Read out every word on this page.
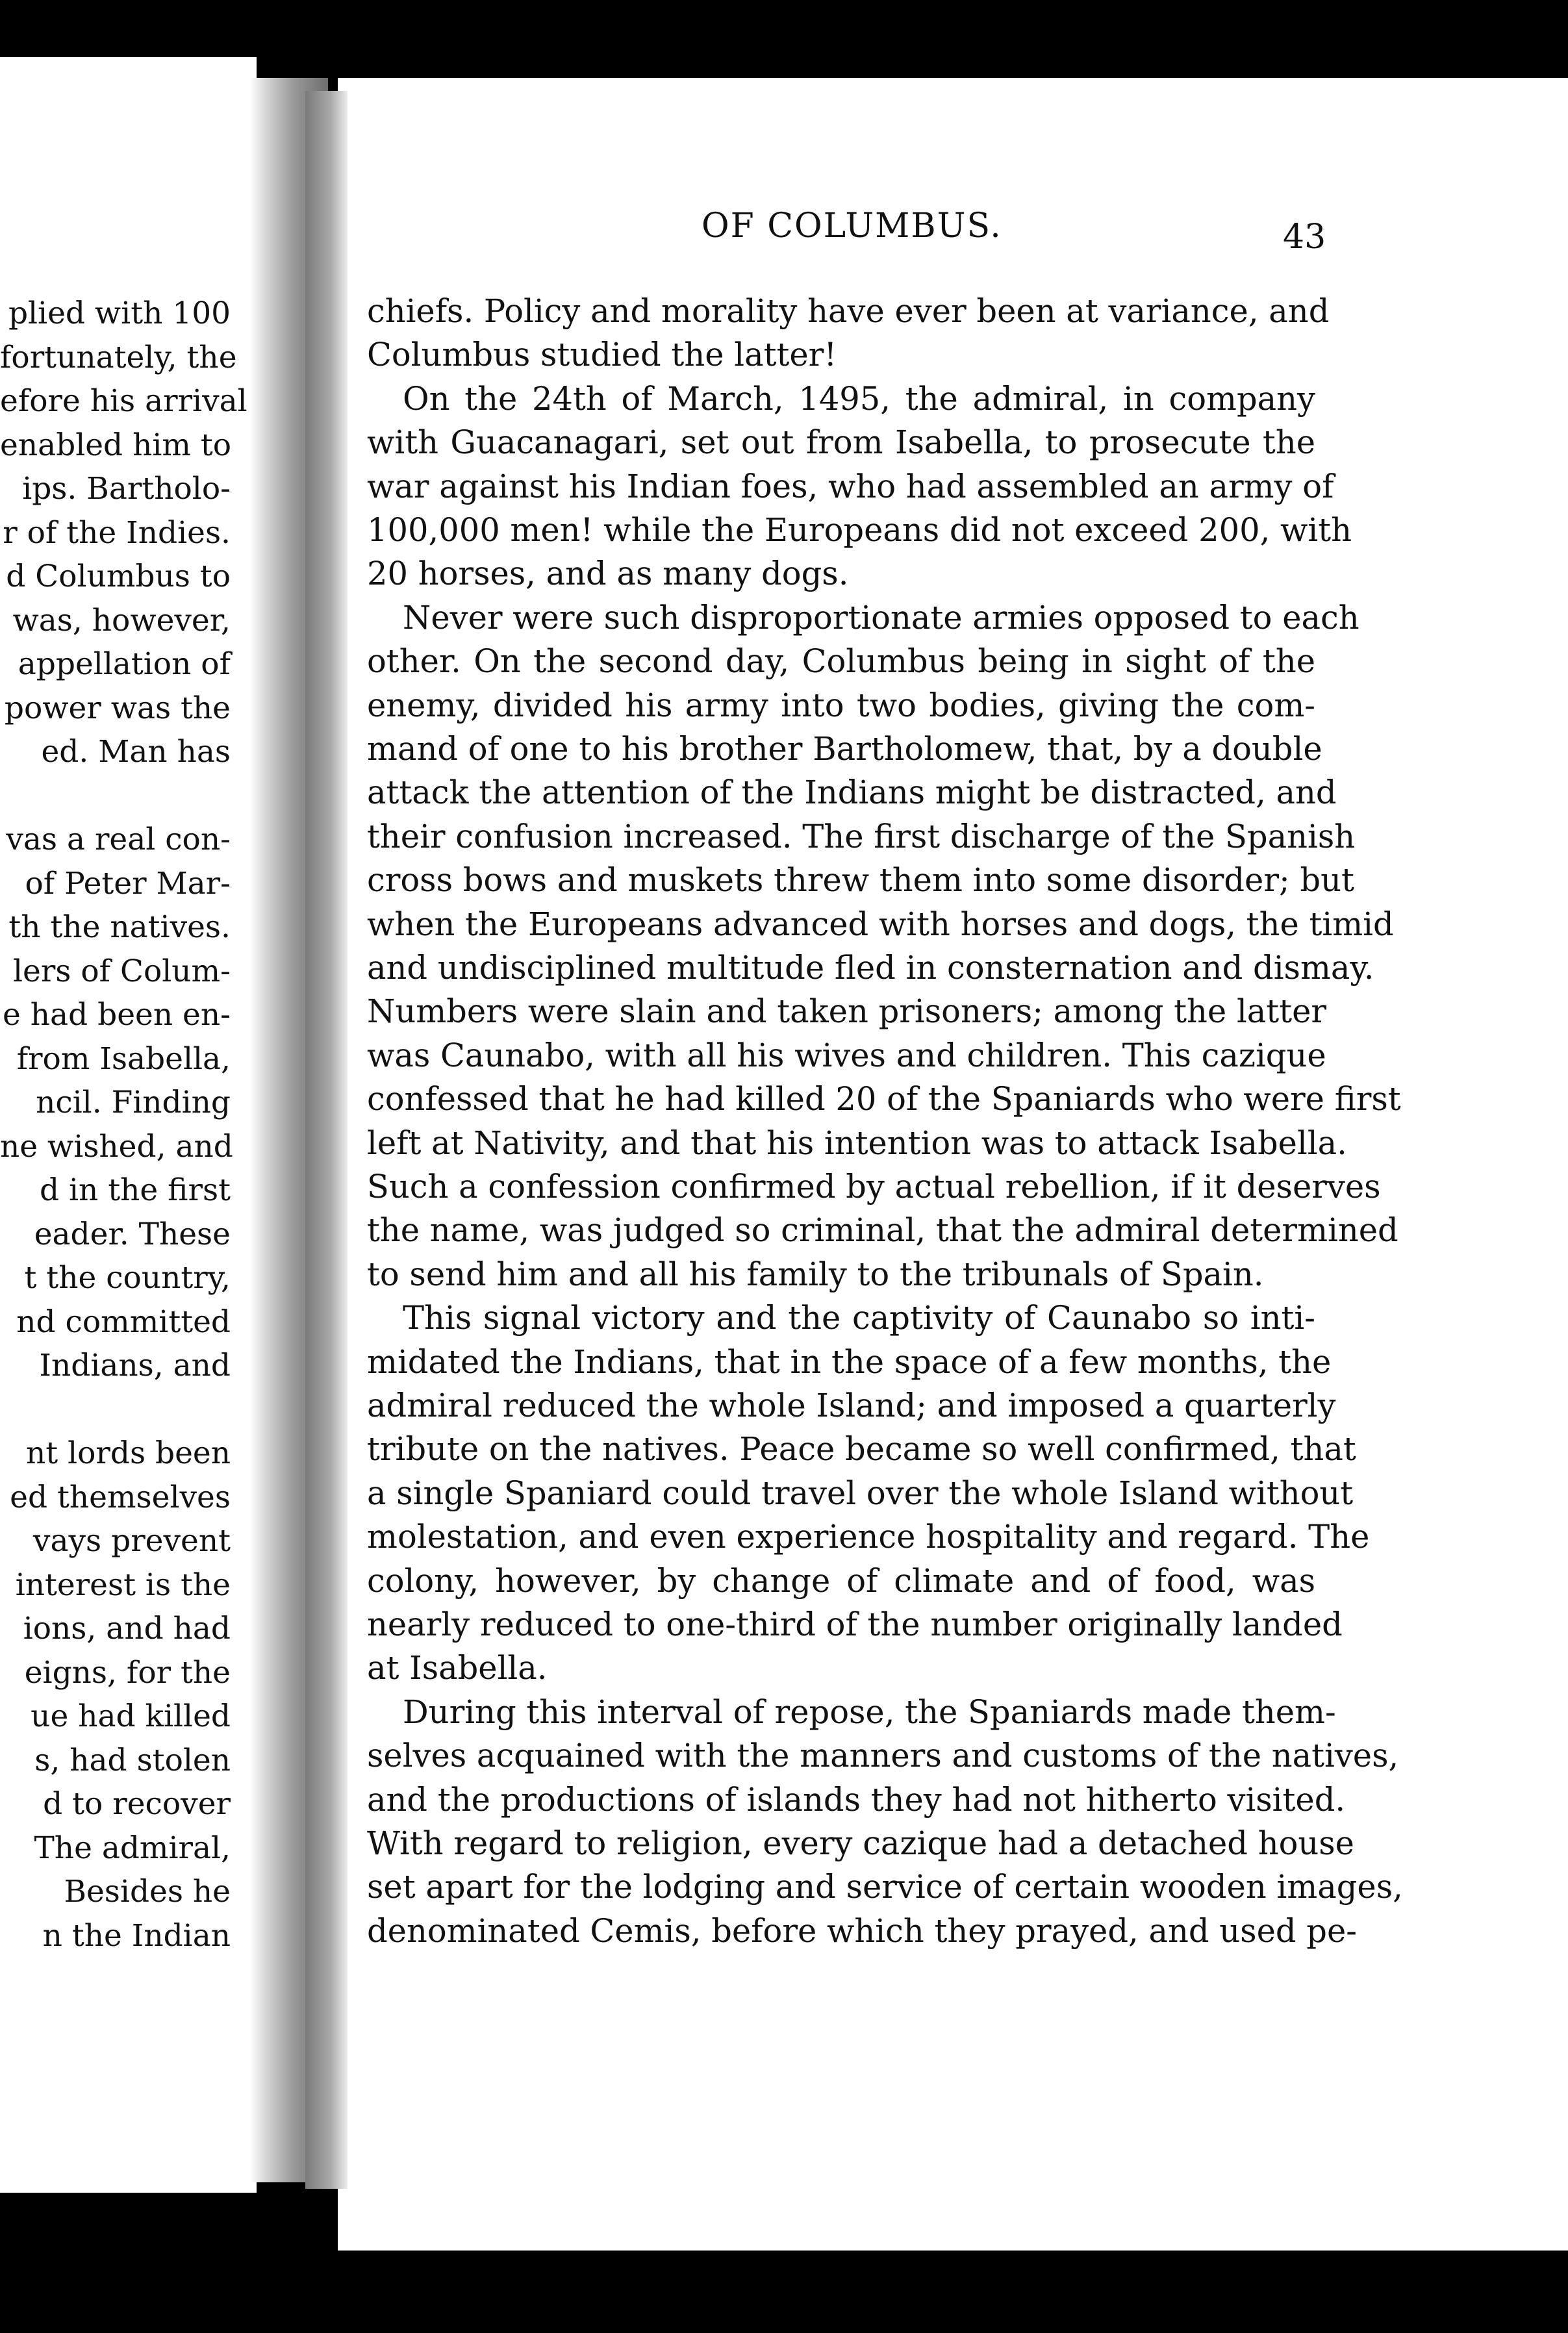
plied with 100
fortunately, the
efore his arrival
enabled him to
ips. Bartholo-
r of the Indies.
d Columbus to
was, however,
appellation of
power was the
ed. Man has
vas a real con-
of Peter Mar-
th the natives.
lers of Colum-
e had been en-
from Isabella,
ncil. Finding
ne wished, and
d in the first
eader. These
t the country,
nd committed
Indians, and
nt lords been
ed themselves
vays prevent
interest is the
ions, and had
eigns, for the
ue had killed
s, had stolen
d to recover
The admiral,
Besides he
n the Indian
OF COLUMBUS.	43
chiefs. Policy and morality have ever been at variance, and
Columbus studied the latter!
On the 24th of March, 1495, the admiral, in company
with Guacanagari, set out from Isabella, to prosecute the
war against his Indian foes, who had assembled an army of
100,000 men! while the Europeans did not exceed 200, with
20 horses, and as many dogs.
Never were such disproportionate armies opposed to each
other. On the second day, Columbus being in sight of the
enemy, divided his army into two bodies, giving the com-
mand of one to his brother Bartholomew, that, by a double
attack the attention of the Indians might be distracted, and
their confusion increased. The first discharge of the Spanish
cross bows and muskets threw them into some disorder; but
when the Europeans advanced with horses and dogs, the timid
and undisciplined multitude fled in consternation and dismay.
Numbers were slain and taken prisoners; among the latter
was Caunabo, with all his wives and children. This cazique
confessed that he had killed 20 of the Spaniards who were first
left at Nativity, and that his intention was to attack Isabella.
Such a confession confirmed by actual rebellion, if it deserves
the name, was judged so criminal, that the admiral determined
to send him and all his family to the tribunals of Spain.
This signal victory and the captivity of Caunabo so inti-
midated the Indians, that in the space of a few months, the
admiral reduced the whole Island; and imposed a quarterly
tribute on the natives. Peace became so well confirmed, that
a single Spaniard could travel over the whole Island without
molestation, and even experience hospitality and regard. The
colony, however, by change of climate and of food, was
nearly reduced to one-third of the number originally landed
at Isabella.
During this interval of repose, the Spaniards made them-
selves acquained with the manners and customs of the natives,
and the productions of islands they had not hitherto visited.
With regard to religion, every cazique had a detached house
set apart for the lodging and service of certain wooden images,
denominated Cemis, before which they prayed, and used pe-
